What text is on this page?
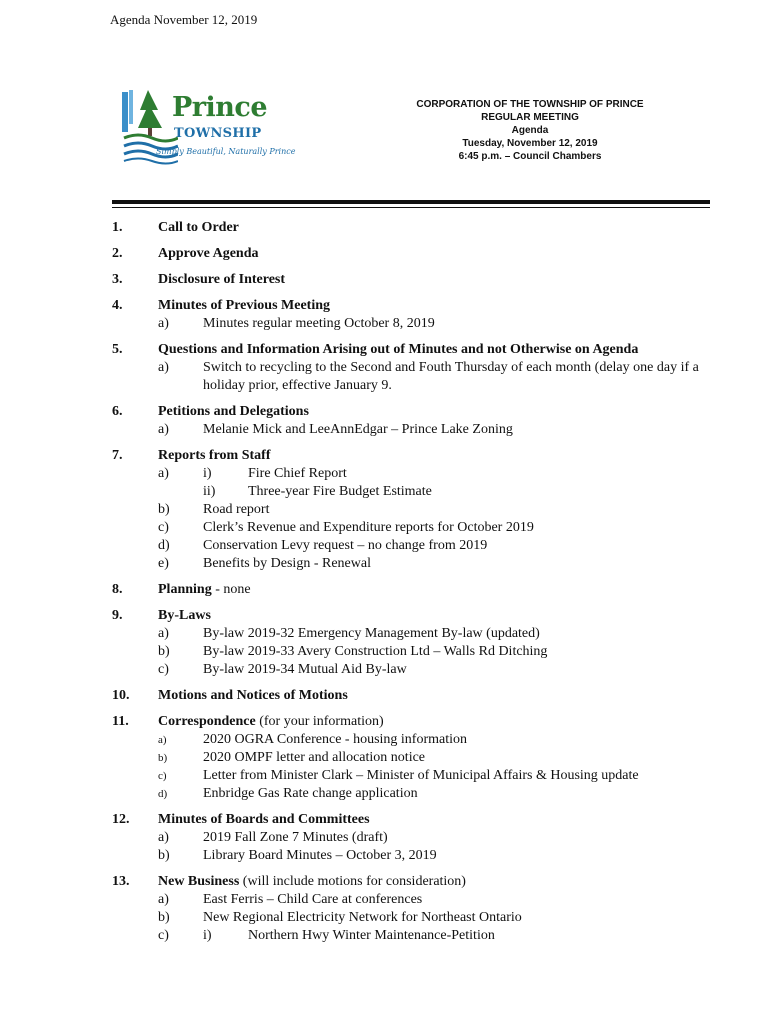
Agenda November 12, 2019
Prince
TOWNSHIP
Simply Beautiful, Naturally Prince
CORPORATION OF THE TOWNSHIP OF PRINCE
REGULAR MEETING
Agenda
Tuesday, November 12, 2019
6:45 p.m. – Council Chambers
1.	Call to Order
2.	Approve Agenda
3.	Disclosure of Interest
4.	Minutes of Previous Meeting
a)	Minutes regular meeting October 8, 2019
5.	Questions and Information Arising out of Minutes and not Otherwise on Agenda
a)	Switch to recycling to the Second and Fouth Thursday of each month (delay one day if a holiday prior, effective January 9.
6.	Petitions and Delegations
a)	Melanie Mick and LeeAnnEdgar – Prince Lake Zoning
7.	Reports from Staff
a)	i)	Fire Chief Report
ii) Three-year Fire Budget Estimate
b)	Road report
c)	Clerk’s Revenue and Expenditure reports for October 2019
d)	Conservation Levy request – no change from 2019
e)	Benefits by Design - Renewal
8.	Planning - none
9.	By-Laws
a)	By-law 2019-32 Emergency Management By-law (updated)
b)	By-law 2019-33 Avery Construction Ltd – Walls Rd Ditching
c)	By-law 2019-34 Mutual Aid By-law
10.	Motions and Notices of Motions
11.	Correspondence (for your information)
a)	2020 OGRA Conference - housing information
b)	2020 OMPF letter and allocation notice
c)	Letter from Minister Clark – Minister of Municipal Affairs & Housing update
d)	Enbridge Gas Rate change application
12.	Minutes of Boards and Committees
a)	2019 Fall Zone 7 Minutes (draft)
b)	Library Board Minutes – October 3, 2019
13.	New Business (will include motions for consideration)
a)	East Ferris – Child Care at conferences
b)	New Regional Electricity Network for Northeast Ontario
c)	i)	Northern Hwy Winter Maintenance-Petition
